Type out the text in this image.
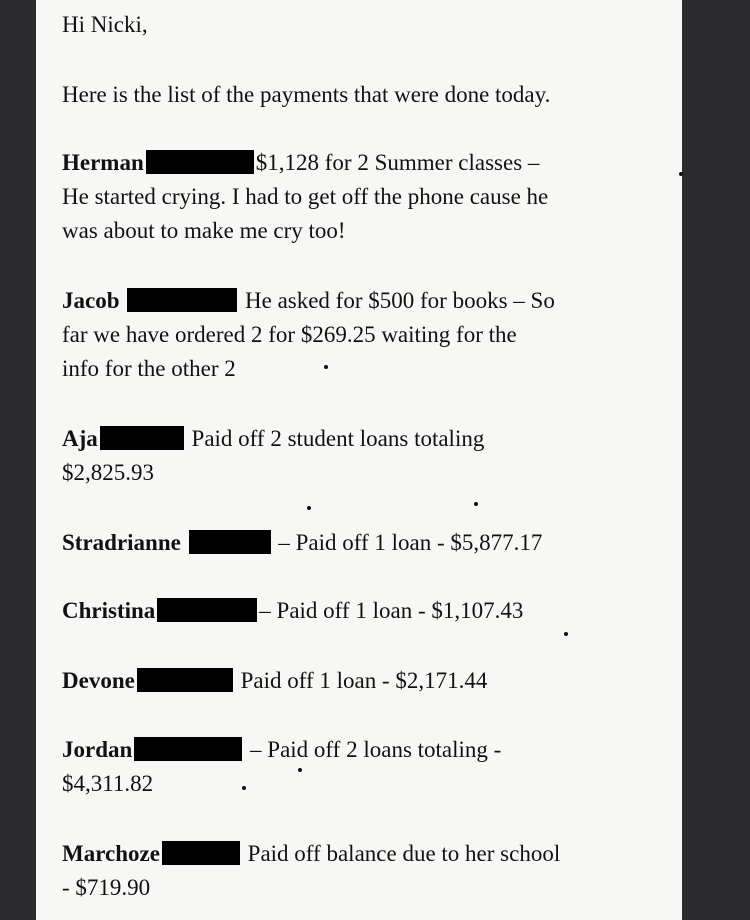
Hi Nicki,
Here is the list of the payments that were done today.
Herman	$1,128 for 2 Summer classes –
He started crying. I had to get off the phone cause he
was about to make me cry too!
Jacob	He asked for $500 for books – So
far we have ordered 2 for $269.25 waiting for the
info for the other 2
Aja	Paid off 2 student loans totaling
$2,825.93
Stradrianne	– Paid off 1 loan - $5,877.17
Christina	– Paid off 1 loan - $1,107.43
Devone	Paid off 1 loan - $2,171.44
Jordan	– Paid off 2 loans totaling -
$4,311.82
Marchoze	Paid off balance due to her school
- $719.90
